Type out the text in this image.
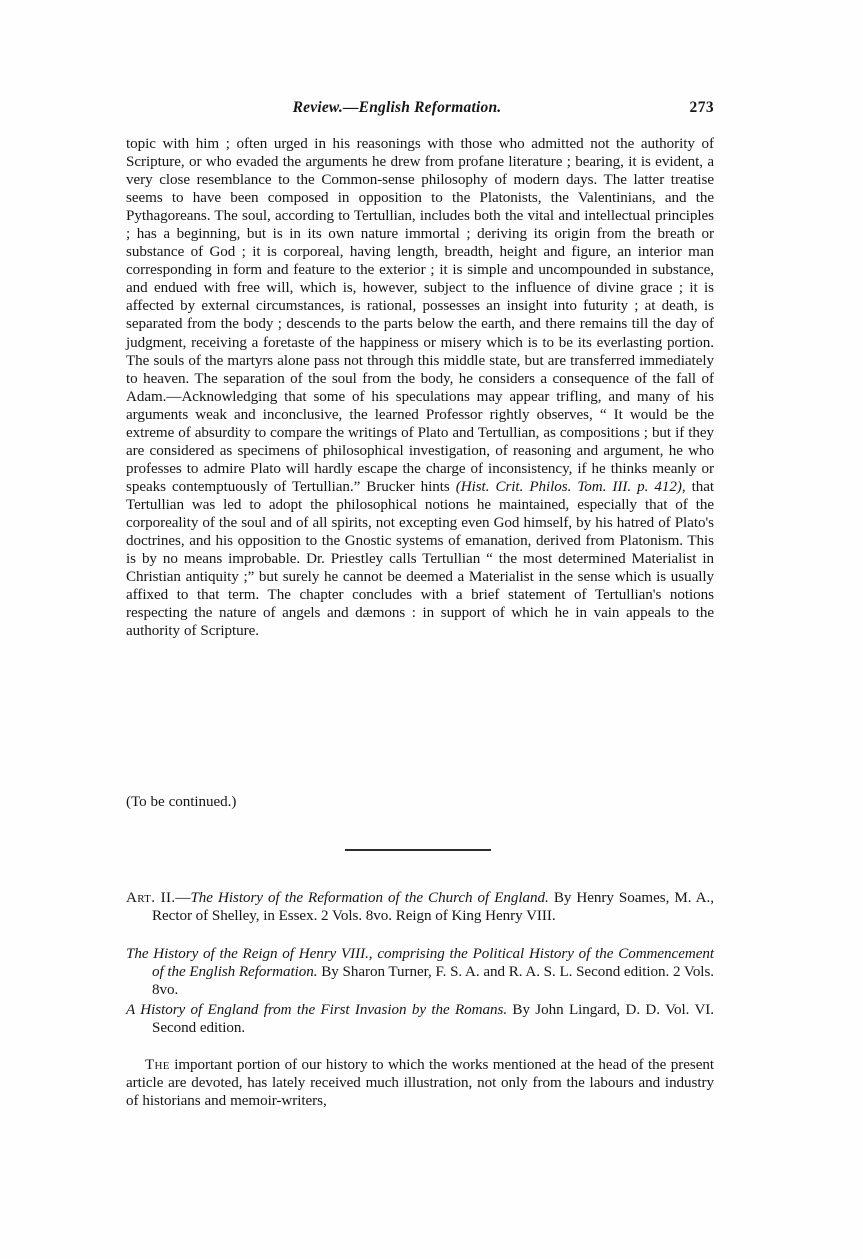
Review.—English Reformation.	273

topic with him ; often urged in his reasonings with those who admitted not the authority of Scripture, or who evaded the arguments he drew from profane literature ; bearing, it is evident, a very close resemblance to the Common-sense philosophy of modern days. The latter treatise seems to have been composed in opposition to the Platonists, the Valentinians, and the Pythagoreans. The soul, according to Tertullian, includes both the vital and intellectual principles ; has a beginning, but is in its own nature immortal ; deriving its origin from the breath or substance of God ; it is corporeal, having length, breadth, height and figure, an interior man corresponding in form and feature to the exterior ; it is simple and uncompounded in substance, and endued with free will, which is, however, subject to the influence of divine grace ; it is affected by external circumstances, is rational, possesses an insight into futurity ; at death, is separated from the body ; descends to the parts below the earth, and there remains till the day of judgment, receiving a foretaste of the happiness or misery which is to be its everlasting portion. The souls of the martyrs alone pass not through this middle state, but are transferred immediately to heaven. The separation of the soul from the body, he considers a consequence of the fall of Adam.—Acknowledging that some of his speculations may appear trifling, and many of his arguments weak and inconclusive, the learned Professor rightly observes, “ It would be the extreme of absurdity to compare the writings of Plato and Tertullian, as compositions ; but if they are considered as specimens of philosophical investigation, of reasoning and argument, he who professes to admire Plato will hardly escape the charge of inconsistency, if he thinks meanly or speaks contemptuously of Tertullian.” Brucker hints (Hist. Crit. Philos. Tom. III. p. 412), that Tertullian was led to adopt the philosophical notions he maintained, especially that of the corporeality of the soul and of all spirits, not excepting even God himself, by his hatred of Plato's doctrines, and his opposition to the Gnostic systems of emanation, derived from Platonism. This is by no means improbable. Dr. Priestley calls Tertullian “ the most determined Materialist in Christian antiquity ;” but surely he cannot be deemed a Materialist in the sense which is usually affixed to that term. The chapter concludes with a brief statement of Tertullian's notions respecting the nature of angels and dæmons : in support of which he in vain appeals to the authority of Scripture.

(To be continued.)

Art. II.—The History of the Reformation of the Church of England. By Henry Soames, M. A., Rector of Shelley, in Essex. 2 Vols. 8vo. Reign of King Henry VIII.

The History of the Reign of Henry VIII., comprising the Political History of the Commencement of the English Reformation. By Sharon Turner, F. S. A. and R. A. S. L. Second edition. 2 Vols. 8vo.

A History of England from the First Invasion by the Romans. By John Lingard, D. D. Vol. VI. Second edition.

The important portion of our history to which the works mentioned at the head of the present article are devoted, has lately received much illustration, not only from the labours and industry of historians and memoir-writers,
